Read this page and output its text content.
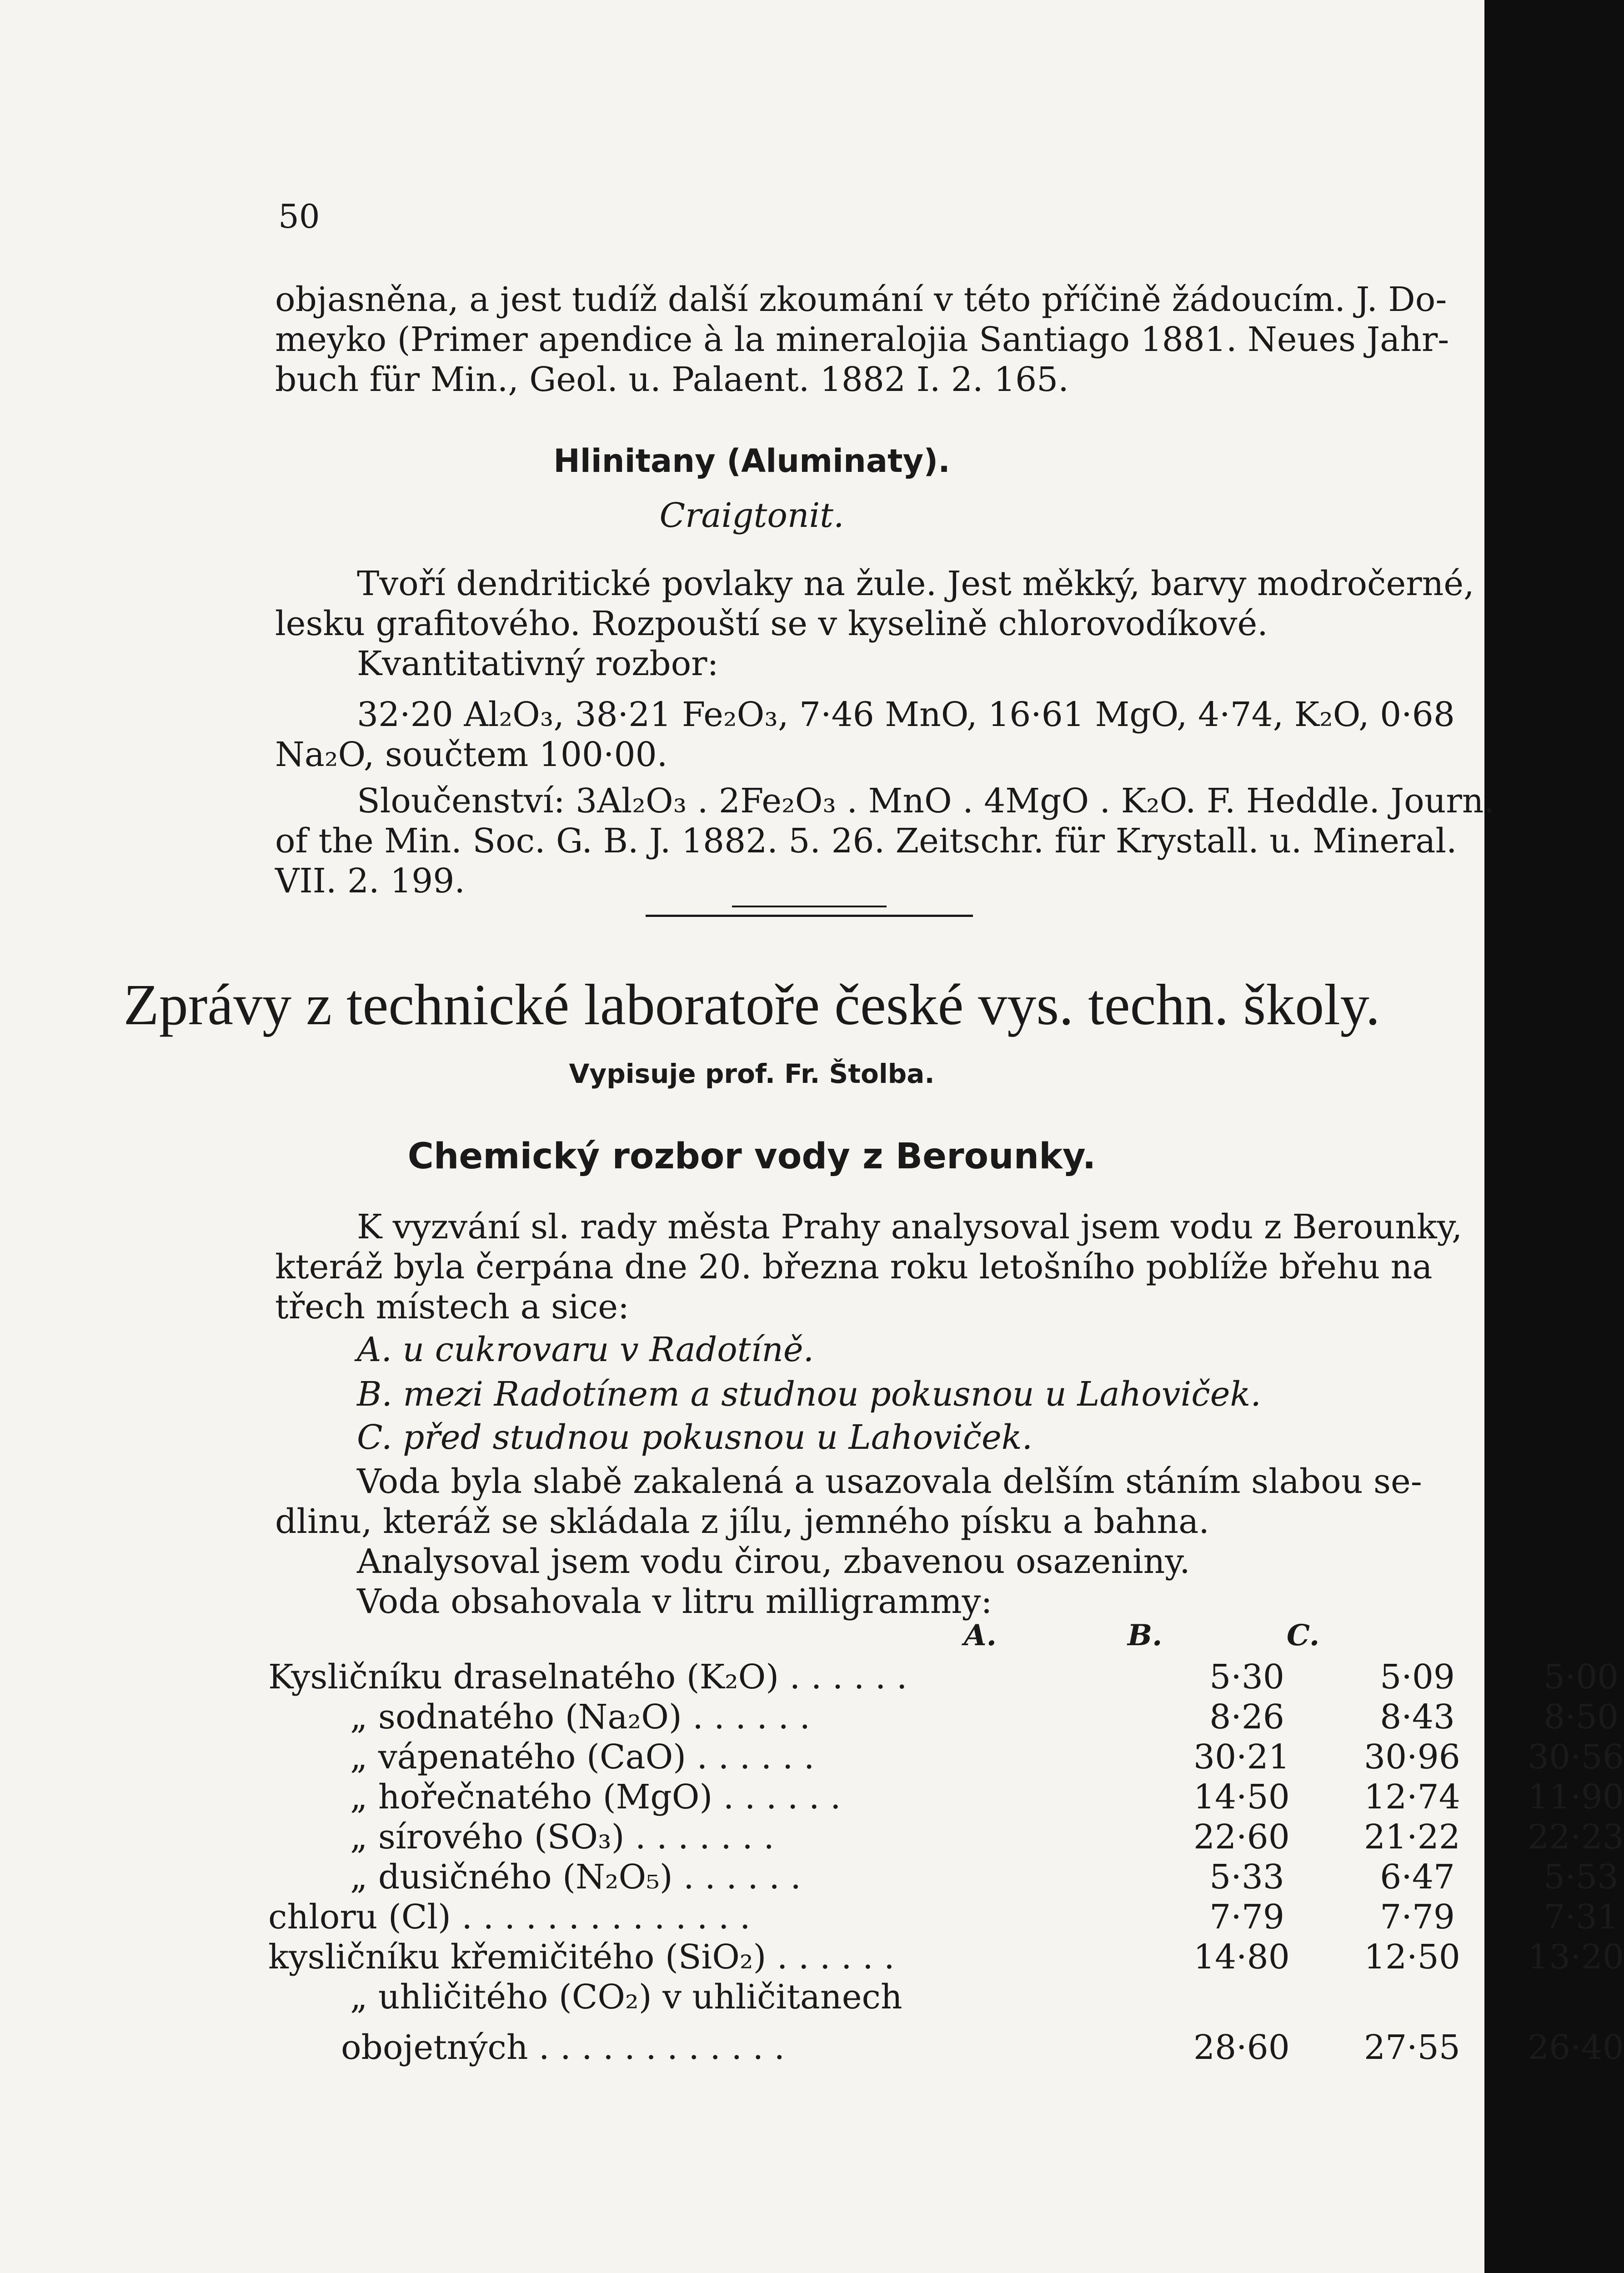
50

objasněna, a jest tudíž další zkoumání v této příčině žádoucím. J. Do-

meyko (Primer apendice à la mineralojia Santiago 1881. Neues Jahr-

buch für Min., Geol. u. Palaent. 1882 I. 2. 165.

Hlinitany (Aluminaty).

Craigtonit.

Tvoří dendritické povlaky na žule. Jest měkký, barvy modročerné,

lesku grafitového. Rozpouští se v kyselině chlorovodíkové.

Kvantitativný rozbor:

32·20 Al₂O₃, 38·21 Fe₂O₃, 7·46 MnO, 16·61 MgO, 4·74, K₂O, 0·68

Na₂O, součtem 100·00.

Sloučenství: 3Al₂O₃ . 2Fe₂O₃ . MnO . 4MgO . K₂O. F. Heddle. Journ.

of the Min. Soc. G. B. J. 1882. 5. 26. Zeitschr. für Krystall. u. Mineral.

VII. 2. 199.

Zprávy z technické laboratoře české vys. techn. školy.

Vypisuje prof. Fr. Štolba.

Chemický rozbor vody z Berounky.

K vyzvání sl. rady města Prahy analysoval jsem vodu z Berounky,

kteráž byla čerpána dne 20. března roku letošního poblíže břehu na

třech místech a sice:

A. u cukrovaru v Radotíně.

B. mezi Radotínem a studnou pokusnou u Lahoviček.

C. před studnou pokusnou u Lahoviček.

Voda byla slabě zakalená a usazovala delším stáním slabou se-

dlinu, kteráž se skládala z jílu, jemného písku a bahna.

Analysoval jsem vodu čirou, zbavenou osazeniny.

Voda obsahovala v litru milligrammy:

A.	B.	C.
Kysličníku draselnatého (K₂O) . . . . . .	5·30	5·09	5·00
„ sodnatého (Na₂O) . . . . . .	8·26	8·43	8·50
„ vápenatého (CaO) . . . . . .	30·21 30·96 30·56
„ hořečnatého (MgO) . . . . . .	14·50 12·74 11·90
„ sírového (SO₃) . . . . . . .	22·60 21·22 22·23
„ dusičného (N₂O₅) . . . . . .	5·33	6·47	5·53
chloru (Cl) . . . . . . . . . . . . . .	7·79	7·79	7·31
kysličníku křemičitého (SiO₂) . . . . . .	14·80 12·50 13·20
„ uhličitého (CO₂) v uhličitanech
obojetných . . . . . . . . . . . .	28·60 27·55 26·40
